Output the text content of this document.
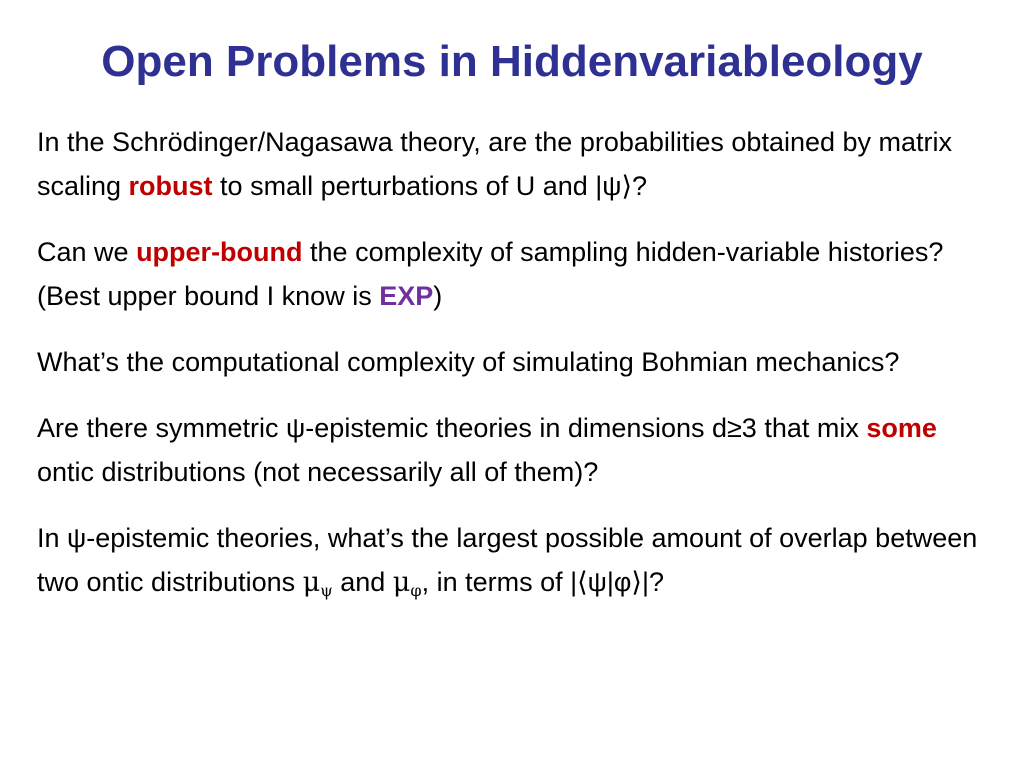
Open Problems in Hiddenvariableology

In the Schrödinger/Nagasawa theory, are the probabilities obtained by matrix scaling robust to small perturbations of U and |ψ⟩?

Can we upper-bound the complexity of sampling hidden-variable histories? (Best upper bound I know is EXP)

What’s the computational complexity of simulating Bohmian mechanics?

Are there symmetric ψ-epistemic theories in dimensions d≥3 that mix some ontic distributions (not necessarily all of them)?

In ψ-epistemic theories, what’s the largest possible amount of overlap between two ontic distributions $\mu_\psi$ and $\mu_\varphi$, in terms of |⟨ψ|φ⟩|?
